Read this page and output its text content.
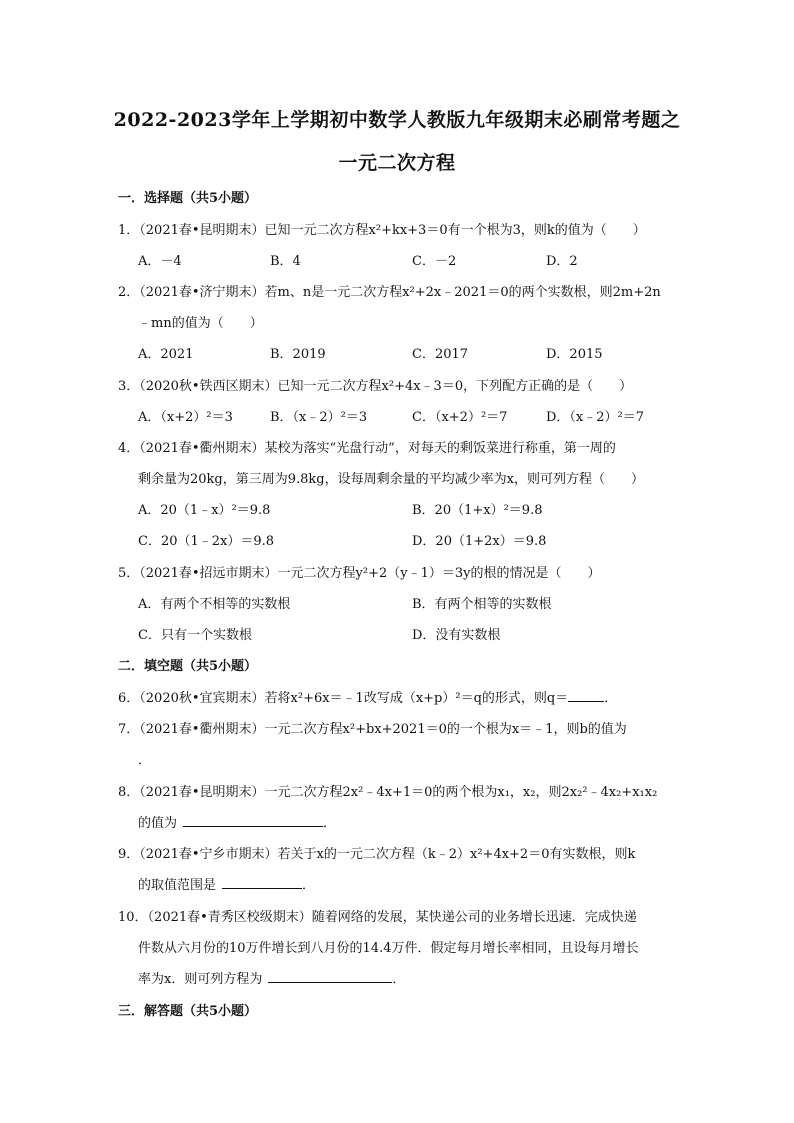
2022-2023学年上学期初中数学人教版九年级期末必刷常考题之
一元二次方程
一．选择题（共5小题）
1．（2021春•昆明期末）已知一元二次方程x²+kx+3＝0有一个根为3，则k的值为（　　）
A．－4	B．4	C．－2	D．2
2．（2021春•济宁期末）若m、n是一元二次方程x²+2x﹣2021＝0的两个实数根，则2m+2n
﹣mn的值为（　　）
A．2021	B．2019	C．2017	D．2015
3．（2020秋•铁西区期末）已知一元二次方程x²+4x﹣3＝0，下列配方正确的是（　　）
A．（x+2）²＝3	B．（x﹣2）²＝3	C．（x+2）²＝7	D．（x﹣2）²＝7
4．（2021春•衢州期末）某校为落实“光盘行动”，对每天的剩饭菜进行称重，第一周的
剩余量为20kg，第三周为9.8kg，设每周剩余量的平均减少率为x，则可列方程（　　）
A．20（1﹣x）²＝9.8	B．20（1+x）²＝9.8
C．20（1﹣2x）＝9.8	D．20（1+2x）＝9.8
5．（2021春•招远市期末）一元二次方程y²+2（y﹣1）＝3y的根的情况是（　　）
A．有两个不相等的实数根	B．有两个相等的实数根
C．只有一个实数根	D．没有实数根
二．填空题（共5小题）
6．（2020秋•宜宾期末）若将x²+6x＝﹣1改写成（x+p）²＝q的形式，则q＝	．
7．（2021春•衢州期末）一元二次方程x²+bx+2021＝0的一个根为x＝﹣1，则b的值为
．
8．（2021春•昆明期末）一元二次方程2x²﹣4x+1＝0的两个根为x₁，x₂，则2x₂²﹣4x₂+x₁x₂
的值为	．
9．（2021春•宁乡市期末）若关于x的一元二次方程（k﹣2）x²+4x+2＝0有实数根，则k
的取值范围是	．
10．（2021春•青秀区校级期末）随着网络的发展，某快递公司的业务增长迅速．完成快递
件数从六月份的10万件增长到八月份的14.4万件．假定每月增长率相同，且设每月增长
率为x．则可列方程为	．
三．解答题（共5小题）
